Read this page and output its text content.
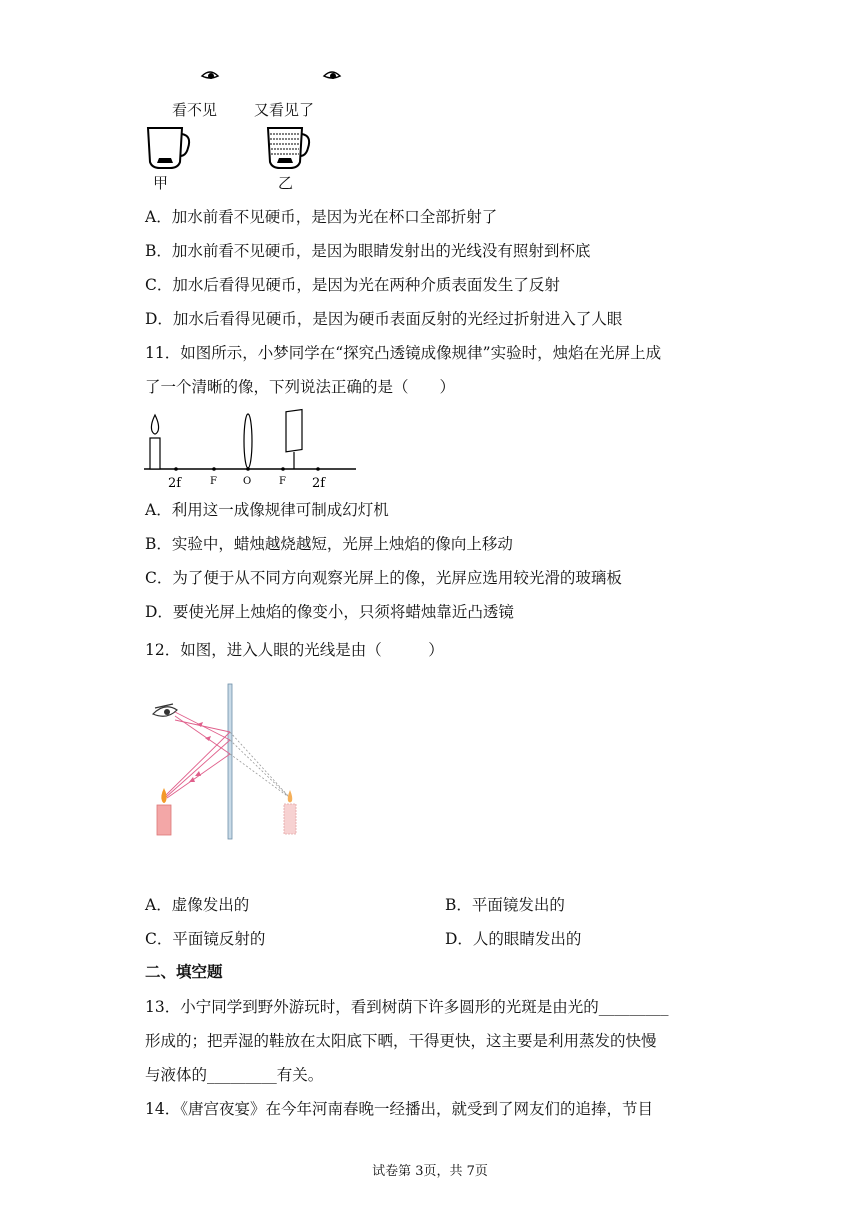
看不见 又看见了
甲	乙
A．加水前看不见硬币，是因为光在杯口全部折射了
B．加水前看不见硬币，是因为眼睛发射出的光线没有照射到杯底
C．加水后看得见硬币，是因为光在两种介质表面发生了反射
D．加水后看得见硬币，是因为硬币表面反射的光经过折射进入了人眼
11．如图所示，小梦同学在“探究凸透镜成像规律”实验时，烛焰在光屏上成
了一个清晰的像，下列说法正确的是（　　）
2f	F	O	F 2f
A．利用这一成像规律可制成幻灯机
B．实验中，蜡烛越烧越短，光屏上烛焰的像向上移动
C．为了便于从不同方向观察光屏上的像，光屏应选用较光滑的玻璃板
D．要使光屏上烛焰的像变小，只须将蜡烛靠近凸透镜
12．如图，进入人眼的光线是由（　　　）
A．虚像发出的	B．平面镜发出的
C．平面镜反射的	D．人的眼睛发出的
二、填空题
13．小宁同学到野外游玩时，看到树荫下许多圆形的光斑是由光的_________
形成的；把弄湿的鞋放在太阳底下晒，干得更快，这主要是利用蒸发的快慢
与液体的_________有关。
14．《唐宫夜宴》在今年河南春晚一经播出，就受到了网友们的追捧，节目
试卷第 3页，共 7页
